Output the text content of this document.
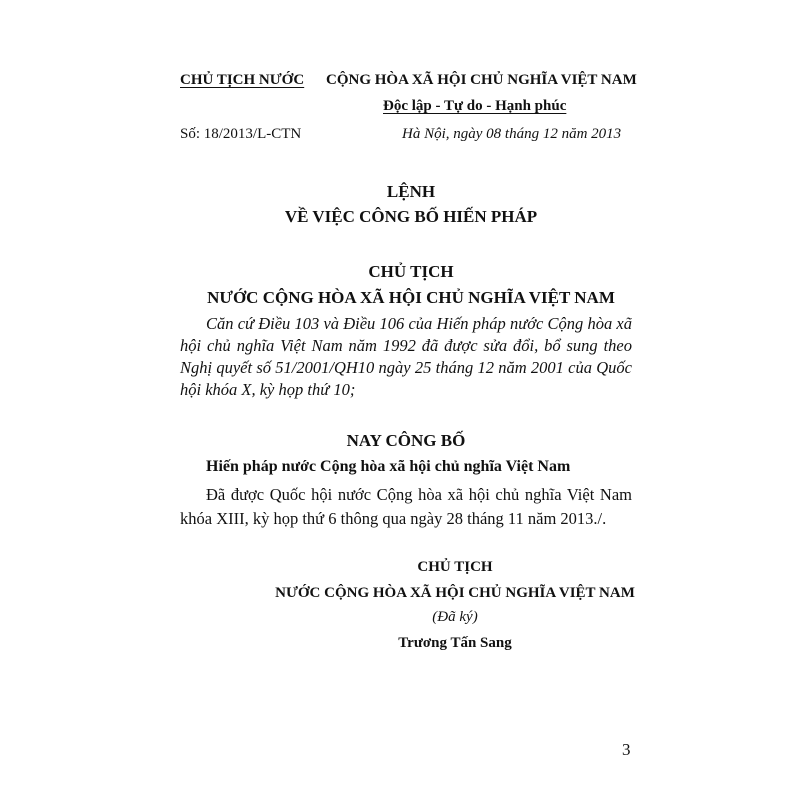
CHỦ TỊCH NƯỚC CỘNG HÒA XÃ HỘI CHỦ NGHĨA VIỆT NAM
Độc lập - Tự do - Hạnh phúc
Số: 18/2013/L-CTN	Hà Nội, ngày 08 tháng 12 năm 2013
LỆNH
VỀ VIỆC CÔNG BỐ HIẾN PHÁP
CHỦ TỊCH
NƯỚC CỘNG HÒA XÃ HỘI CHỦ NGHĨA VIỆT NAM
Căn cứ Điều 103 và Điều 106 của Hiến pháp nước Cộng hòa xã hội chủ nghĩa Việt Nam năm 1992 đã được sửa đổi, bổ sung theo Nghị quyết số 51/2001/QH10 ngày 25 tháng 12 năm 2001 của Quốc hội khóa X, kỳ họp thứ 10;
NAY CÔNG BỐ
Hiến pháp nước Cộng hòa xã hội chủ nghĩa Việt Nam
Đã được Quốc hội nước Cộng hòa xã hội chủ nghĩa Việt Nam khóa XIII, kỳ họp thứ 6 thông qua ngày 28 tháng 11 năm 2013./.
CHỦ TỊCH
NƯỚC CỘNG HÒA XÃ HỘI CHỦ NGHĨA VIỆT NAM
(Đã ký)
Trương Tấn Sang
3
